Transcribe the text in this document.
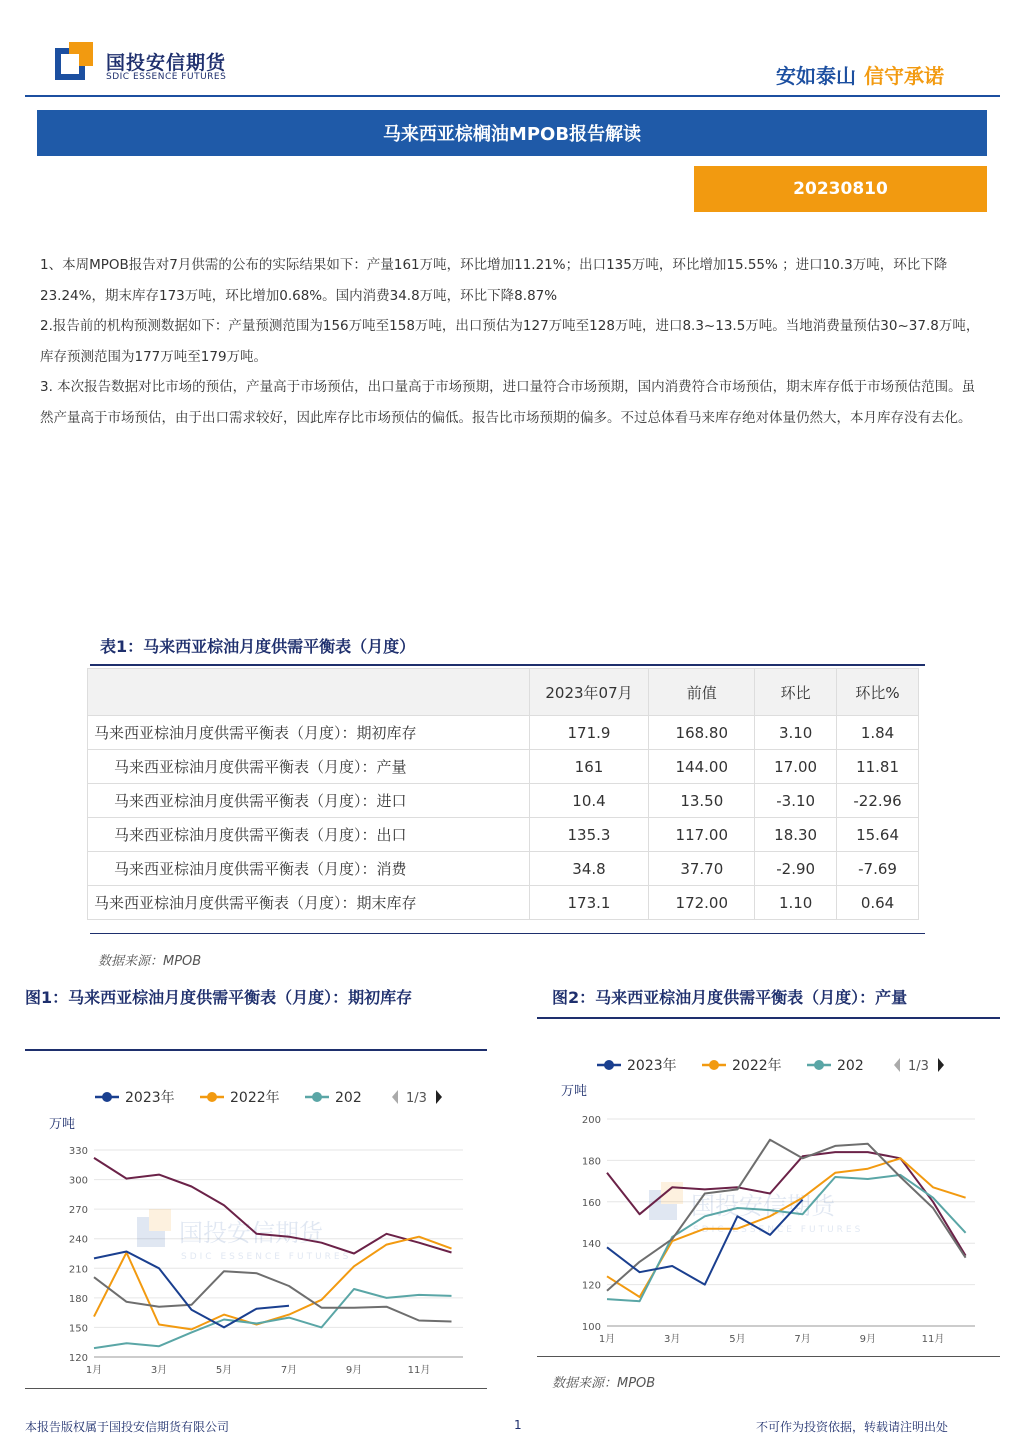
国投安信期货
SDIC ESSENCE FUTURES	安如泰山 信守承诺
马来西亚棕榈油MPOB报告解读
20230810

1、本周MPOB报告对7月供需的公布的实际结果如下：产量161万吨，环比增加11.21%；出口135万吨，环比增加15.55% ；进口10.3万吨，环比下降23.24%，期末库存173万吨，环比增加0.68%。国内消费34.8万吨，环比下降8.87%

2.报告前的机构预测数据如下：产量预测范围为156万吨至158万吨，出口预估为127万吨至128万吨，进口8.3~13.5万吨。当地消费量预估30~37.8万吨，库存预测范围为177万吨至179万吨。

3. 本次报告数据对比市场的预估，产量高于市场预估，出口量高于市场预期，进口量符合市场预期，国内消费符合市场预估，期末库存低于市场预估范围。虽然产量高于市场预估，由于出口需求较好，因此库存比市场预估的偏低。报告比市场预期的偏多。不过总体看马来库存绝对体量仍然大，本月库存没有去化。

表1：马来西亚棕油月度供需平衡表（月度）
	2023年07月	前值	环比	环比%
马来西亚棕油月度供需平衡表（月度）：期初库存	171.9	168.80	3.10	1.84
马来西亚棕油月度供需平衡表（月度）：产量	161	144.00	17.00	11.81
马来西亚棕油月度供需平衡表（月度）：进口	10.4	13.50	-3.10	-22.96
马来西亚棕油月度供需平衡表（月度）：出口	135.3	117.00	18.30	15.64
马来西亚棕油月度供需平衡表（月度）：消费	34.8	37.70	-2.90	-7.69
马来西亚棕油月度供需平衡表（月度）：期末库存	173.1	172.00	1.10	0.64
数据来源：MPOB
图1：马来西亚棕油月度供需平衡表（月度）：期初库存	图2：马来西亚棕油月度供需平衡表（月度）：产量
2023年	2022年	202	1/3
万吨
120
150
180
210
240
270
300
330
1月	3月	5月	7月	9月	11月
国投安信期货
SDIC ESSENCE FUTURES
2023年	2022年	202	1/3
万吨
100
120
140
160
180
200
1月	3月	5月	7月	9月	11月
国投安信期货
SDIC ESSENCE FUTURES
数据来源：MPOB
本报告版权属于国投安信期货有限公司	1	不可作为投资依据，转载请注明出处
